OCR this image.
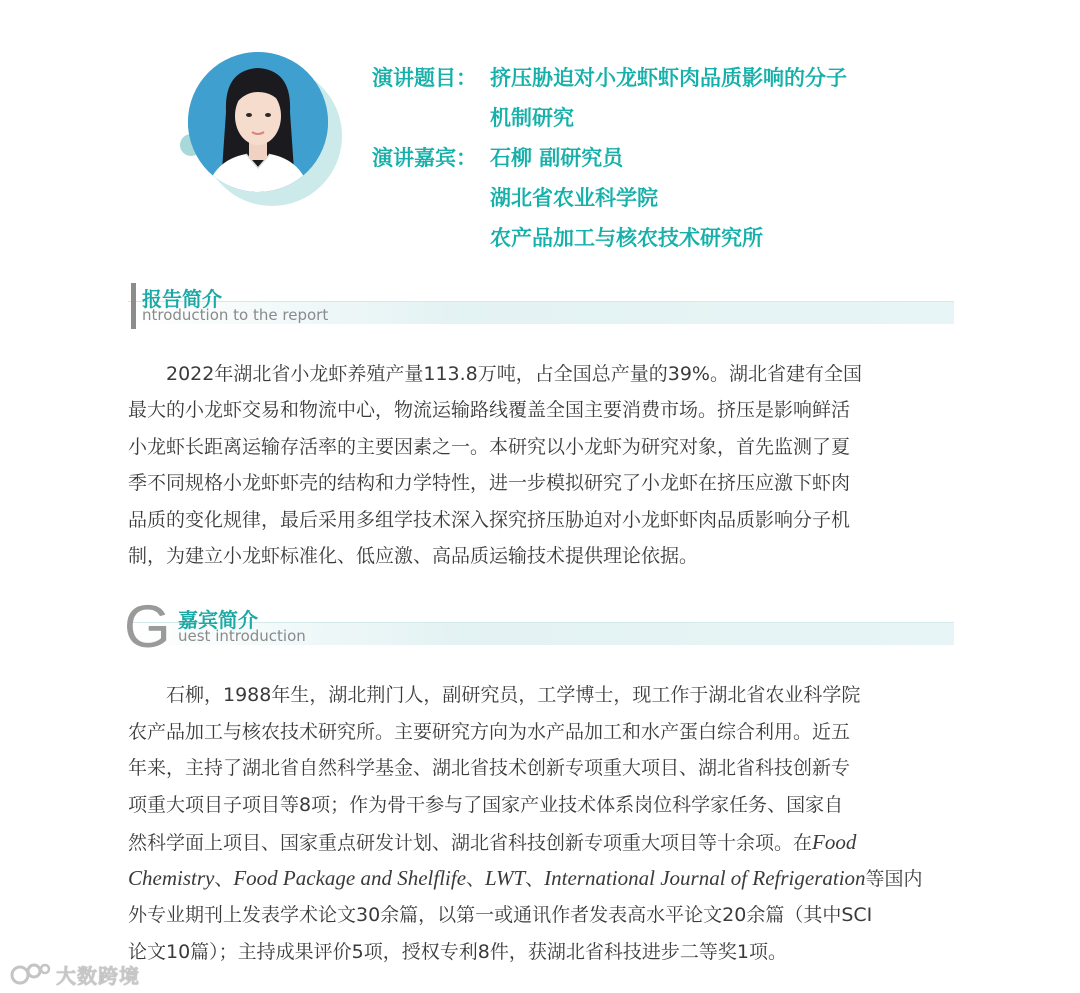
演讲题目： 挤压胁迫对小龙虾虾肉品质影响的分子
机制研究
演讲嘉宾： 石柳 副研究员
湖北省农业科学院
农产品加工与核农技术研究所
报告简介
ntroduction to the report
　　2022年湖北省小龙虾养殖产量113.8万吨，占全国总产量的39%。湖北省建有全国
最大的小龙虾交易和物流中心，物流运输路线覆盖全国主要消费市场。挤压是影响鲜活
小龙虾长距离运输存活率的主要因素之一。本研究以小龙虾为研究对象，首先监测了夏
季不同规格小龙虾虾壳的结构和力学特性，进一步模拟研究了小龙虾在挤压应激下虾肉
品质的变化规律，最后采用多组学技术深入探究挤压胁迫对小龙虾虾肉品质影响分子机
制，为建立小龙虾标准化、低应激、高品质运输技术提供理论依据。
G 嘉宾简介
uest introduction
　　石柳，1988年生，湖北荆门人，副研究员，工学博士，现工作于湖北省农业科学院
农产品加工与核农技术研究所。主要研究方向为水产品加工和水产蛋白综合利用。近五
年来，主持了湖北省自然科学基金、湖北省技术创新专项重大项目、湖北省科技创新专
项重大项目子项目等8项；作为骨干参与了国家产业技术体系岗位科学家任务、国家自
然科学面上项目、国家重点研发计划、湖北省科技创新专项重大项目等十余项。在Food
Chemistry、Food Package and Shelflife、LWT、International Journal of Refrigeration等国内
外专业期刊上发表学术论文30余篇，以第一或通讯作者发表高水平论文20余篇（其中SCI
论文10篇）；主持成果评价5项，授权专利8件，获湖北省科技进步二等奖1项。
大数跨境
